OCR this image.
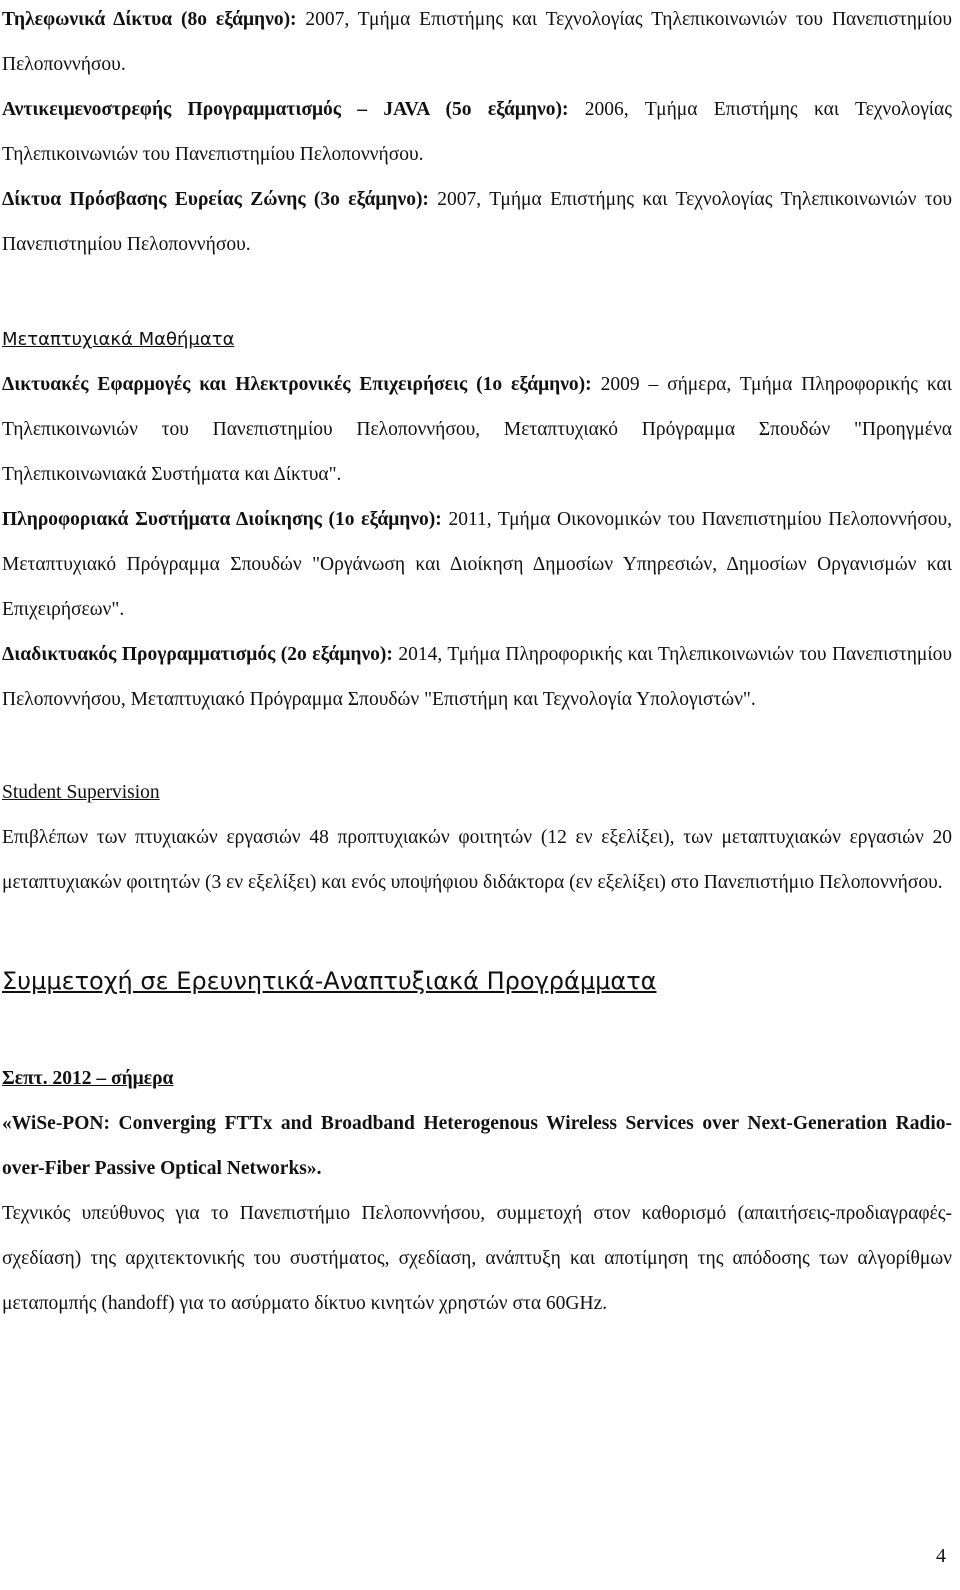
Τηλεφωνικά Δίκτυα (8ο εξάμηνο): 2007, Τμήμα Επιστήμης και Τεχνολογίας Τηλεπικοινωνιών του Πανεπιστημίου Πελοποννήσου.

Αντικειμενοστρεφής Προγραμματισμός – JAVA (5ο εξάμηνο): 2006, Τμήμα Επιστήμης και Τεχνολογίας Τηλεπικοινωνιών του Πανεπιστημίου Πελοποννήσου.

Δίκτυα Πρόσβασης Ευρείας Ζώνης (3ο εξάμηνο): 2007, Τμήμα Επιστήμης και Τεχνολογίας Τηλεπικοινωνιών του Πανεπιστημίου Πελοποννήσου.

Μεταπτυχιακά Μαθήματα

Δικτυακές Εφαρμογές και Ηλεκτρονικές Επιχειρήσεις (1ο εξάμηνο): 2009 – σήμερα, Τμήμα Πληροφορικής και Τηλεπικοινωνιών του Πανεπιστημίου Πελοποννήσου, Μεταπτυχιακό Πρόγραμμα Σπουδών "Προηγμένα Τηλεπικοινωνιακά Συστήματα και Δίκτυα".

Πληροφοριακά Συστήματα Διοίκησης (1ο εξάμηνο): 2011, Τμήμα Οικονομικών του Πανεπιστημίου Πελοποννήσου, Μεταπτυχιακό Πρόγραμμα Σπουδών "Οργάνωση και Διοίκηση Δημοσίων Υπηρεσιών, Δημοσίων Οργανισμών και Επιχειρήσεων".

Διαδικτυακός Προγραμματισμός (2ο εξάμηνο): 2014, Τμήμα Πληροφορικής και Τηλεπικοινωνιών του Πανεπιστημίου Πελοποννήσου, Μεταπτυχιακό Πρόγραμμα Σπουδών "Επιστήμη και Τεχνολογία Υπολογιστών".

Student Supervision

Επιβλέπων των πτυχιακών εργασιών 48 προπτυχιακών φοιτητών (12 εν εξελίξει), των μεταπτυχιακών εργασιών 20 μεταπτυχιακών φοιτητών (3 εν εξελίξει) και ενός υποψήφιου διδάκτορα (εν εξελίξει) στο Πανεπιστήμιο Πελοποννήσου.

Συμμετοχή σε Ερευνητικά-Αναπτυξιακά Προγράμματα

Σεπτ. 2012 – σήμερα

«WiSe-PON: Converging FTTx and Broadband Heterogenous Wireless Services over Next-Generation Radio-over-Fiber Passive Optical Networks».

Τεχνικός υπεύθυνος για το Πανεπιστήμιο Πελοποννήσου, συμμετοχή στον καθορισμό (απαιτήσεις-προδιαγραφές-σχεδίαση) της αρχιτεκτονικής του συστήματος, σχεδίαση, ανάπτυξη και αποτίμηση της απόδοσης των αλγορίθμων μεταπομπής (handoff) για το ασύρματο δίκτυο κινητών χρηστών στα 60GHz.

4
